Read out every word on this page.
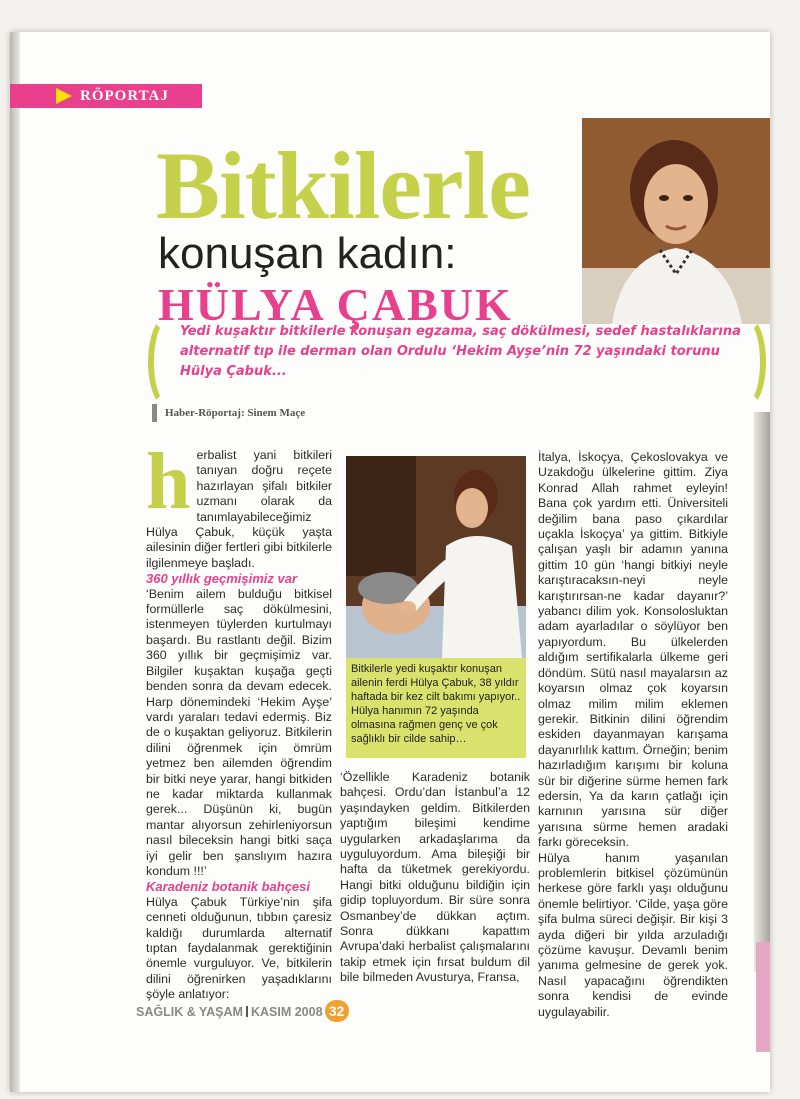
RÖPORTAJ
Bitkilerle
konuşan kadın:
HÜLYA ÇABUK
Yedi kuşaktır bitkilerle konuşan egzama, saç dökülmesi, sedef hastalıklarına alternatif tıp ile derman olan Ordulu ‘Hekim Ayşe’nin 72 yaşındaki torunu Hülya Çabuk...
Haber-Röportaj: Sinem Maçe
h erbalist yani bitkileri tanıyan doğru reçete hazırlayan şifalı bitkiler uzmanı olarak da tanımlayabileceğimiz Hülya Çabuk, küçük yaşta ailesinin diğer fertleri gibi bitkilerle ilgilenmeye başladı.

360 yıllık geçmişimiz var

‘Benim ailem bulduğu bitkisel formüllerle saç dökülmesini, istenmeyen tüylerden kurtulmayı başardı. Bu rastlantı değil. Bizim 360 yıllık bir geçmişimiz var. Bilgiler kuşaktan kuşağa geçti benden sonra da devam edecek. Harp dönemindeki ‘Hekim Ayşe’ vardı yaraları tedavi edermiş. Biz de o kuşaktan geliyoruz. Bitkilerin dilini öğrenmek için ömrüm yetmez ben ailemden öğrendim bir bitki neye yarar, hangi bitkiden ne kadar miktarda kullanmak gerek... Düşünün ki, bugün mantar alıyorsun zehirleniyorsun nasıl bileceksin hangi bitki saça iyi gelir ben şanslıyım hazıra kondum !!!’

Karadeniz botanik bahçesi

Hülya Çabuk Türkiye’nin şifa cenneti olduğunun, tıbbın çaresiz kaldığı durumlarda alternatif tıptan faydalanmak gerektiğinin önemle vurguluyor. Ve, bitkilerin dilini öğrenirken yaşadıklarını şöyle anlatıyor:

Bitkilerle yedi kuşaktır konuşan ailenin ferdi Hülya Çabuk, 38 yıldır haftada bir kez cilt bakımı yapıyor.. Hülya hanımın 72 yaşında olmasına rağmen genç ve çok sağlıklı bir cilde sahip…

‘Özellikle Karadeniz botanik bahçesi. Ordu’dan İstanbul’a 12 yaşındayken geldim. Bitkilerden yaptığım bileşimi kendime uygularken arkadaşlarıma da uyguluyordum. Ama bileşiği bir hafta da tüketmek gerekiyordu. Hangi bitki olduğunu bildiğin için gidip topluyordum. Bir süre sonra Osmanbey’de dükkan açtım. Sonra dükkanı kapattım Avrupa’daki herbalist çalışmalarını takip etmek için fırsat buldum dil bile bilmeden Avusturya, Fransa,

İtalya, İskoçya, Çekoslovakya ve Uzakdoğu ülkelerine gittim. Ziya Konrad Allah rahmet eyleyin! Bana çok yardım etti. Üniversiteli değilim bana paso çıkardılar uçakla İskoçya’ ya gittim. Bitkiyle çalışan yaşlı bir adamın yanına gittim 10 gün ‘hangi bitkiyi neyle karıştıracaksın-neyi neyle karıştırırsan-ne kadar dayanır?’ yabancı dilim yok. Konsolosluktan adam ayarladılar o söylüyor ben yapıyordum. Bu ülkelerden aldığım sertifikalarla ülkeme geri döndüm. Sütü nasıl mayalarsın az koyarsın olmaz çok koyarsın olmaz milim milim eklemen gerekir. Bitkinin dilini öğrendim eskiden dayanmayan karışama dayanırlılık kattım. Örneğin; benim hazırladığım karışımı bir koluna sür bir diğerine sürme hemen fark edersin, Ya da karın çatlağı için karnının yarısına sür diğer yarısına sürme hemen aradaki farkı göreceksin.

Hülya hanım yaşanılan problemlerin bitkisel çözümünün herkese göre farklı yaşı olduğunu önemle belirtiyor. ‘Cilde, yaşa göre şifa bulma süreci değişir. Bir kişi 3 ayda diğeri bir yılda arzuladığı çözüme kavuşur. Devamlı benim yanıma gelmesine de gerek yok. Nasıl yapacağını öğrendikten sonra kendisi de evinde uygulayabilir.

SAĞLIK & YAŞAM KASIM 2008 32
